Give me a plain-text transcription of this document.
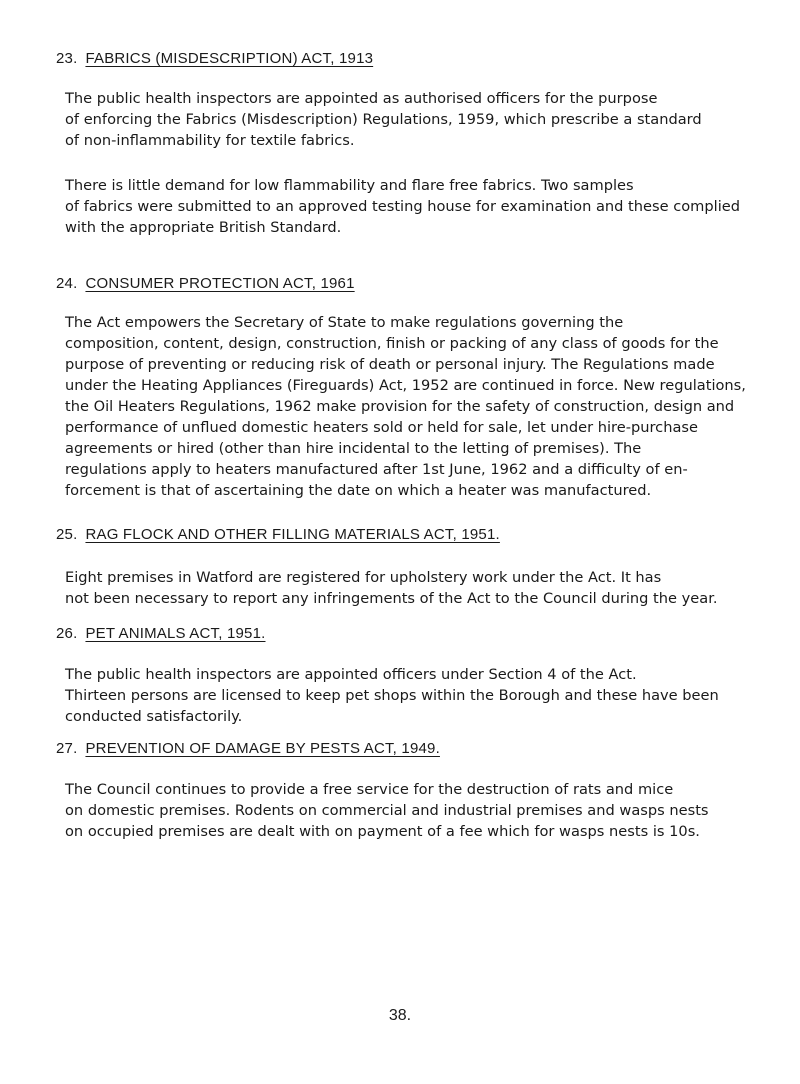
23. FABRICS (MISDESCRIPTION) ACT, 1913
The public health inspectors are appointed as authorised officers for the purpose
of enforcing the Fabrics (Misdescription) Regulations, 1959, which prescribe a standard
of non-inflammability for textile fabrics.
There is little demand for low flammability and flare free fabrics. Two samples
of fabrics were submitted to an approved testing house for examination and these complied
with the appropriate British Standard.
24. CONSUMER PROTECTION ACT, 1961
The Act empowers the Secretary of State to make regulations governing the
composition, content, design, construction, finish or packing of any class of goods for the
purpose of preventing or reducing risk of death or personal injury. The Regulations made
under the Heating Appliances (Fireguards) Act, 1952 are continued in force. New regulations,
the Oil Heaters Regulations, 1962 make provision for the safety of construction, design and
performance of unflued domestic heaters sold or held for sale, let under hire-purchase
agreements or hired (other than hire incidental to the letting of premises). The
regulations apply to heaters manufactured after 1st June, 1962 and a difficulty of en-
forcement is that of ascertaining the date on which a heater was manufactured.
25. RAG FLOCK AND OTHER FILLING MATERIALS ACT, 1951.
Eight premises in Watford are registered for upholstery work under the Act. It has
not been necessary to report any infringements of the Act to the Council during the year.
26. PET ANIMALS ACT, 1951.
The public health inspectors are appointed officers under Section 4 of the Act.
Thirteen persons are licensed to keep pet shops within the Borough and these have been
conducted satisfactorily.
27. PREVENTION OF DAMAGE BY PESTS ACT, 1949.
The Council continues to provide a free service for the destruction of rats and mice
on domestic premises. Rodents on commercial and industrial premises and wasps nests
on occupied premises are dealt with on payment of a fee which for wasps nests is 10s.
38.
